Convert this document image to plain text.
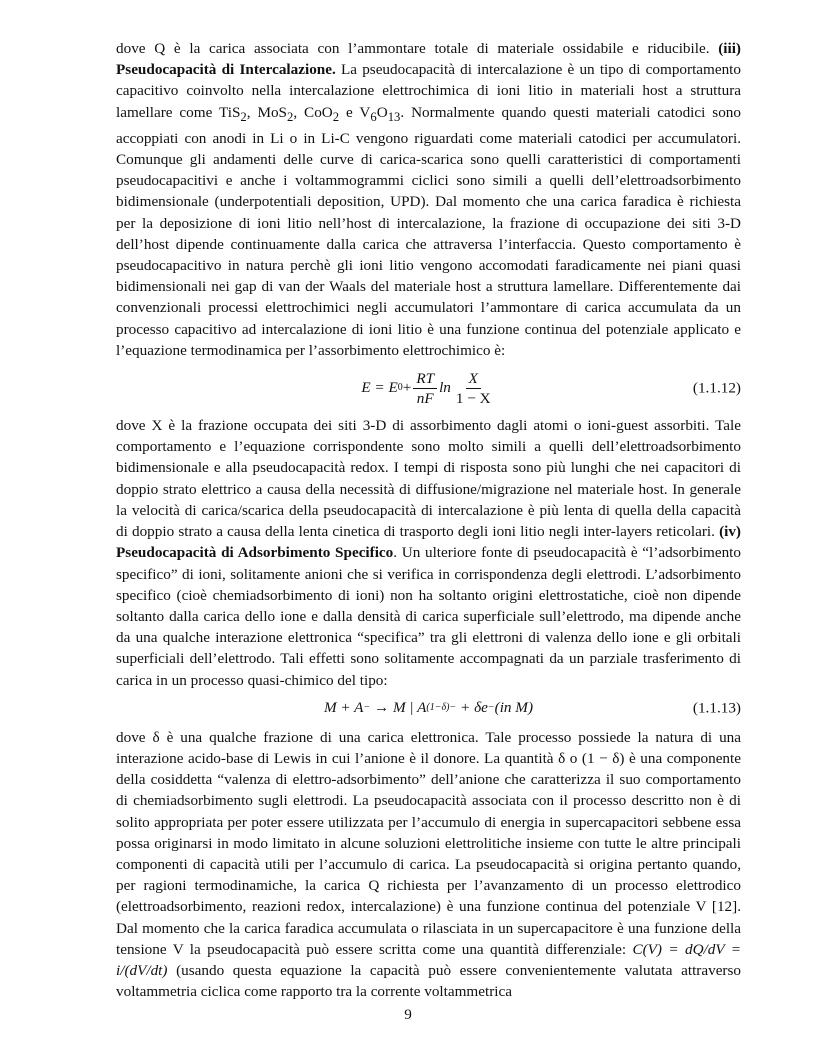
dove Q è la carica associata con l’ammontare totale di materiale ossidabile e riducibile. (iii) Pseudocapacità di Intercalazione. La pseudocapacità di intercalazione è un tipo di comportamento capacitivo coinvolto nella intercalazione elettrochimica di ioni litio in materiali host a struttura lamellare come TiS$_2$, MoS$_2$, CoO$_2$ e $V_6O_{13}$. Normalmente quando questi materiali catodici sono accoppiati con anodi in Li o in Li-C vengono riguardati come materiali catodici per accumulatori. Comunque gli andamenti delle curve di carica-scarica sono quelli caratteristici di comportamenti pseudocapacitivi e anche i voltammogrammi ciclici sono simili a quelli dell’elettroadsorbimento bidimensionale (underpotentiali deposition, UPD). Dal momento che una carica faradica è richiesta per la deposizione di ioni litio nell’host di intercalazione, la frazione di occupazione dei siti 3-D dell’host dipende continuamente dalla carica che attraversa l’interfaccia. Questo comportamento è pseudocapacitivo in natura perchè gli ioni litio vengono accomodati faradicamente nei piani quasi bidimensionali nei gap di van der Waals del materiale host a struttura lamellare. Differentemente dai convenzionali processi elettrochimici negli accumulatori l’ammontare di carica accumulata da un processo capacitivo ad intercalazione di ioni litio è una funzione continua del potenziale applicato e l’equazione termodinamica per l’assorbimento elettrochimico è:

E = E $0 + \frac{RT}{nF}$ $\ln \frac{X}{1 - X}$	(1.1.12)

dove X è la frazione occupata dei siti 3-D di assorbimento dagli atomi o ioni-guest assorbiti. Tale comportamento e l’equazione corrispondente sono molto simili a quelli dell’elettroadsorbimento bidimensionale e alla pseudocapacità redox. I tempi di risposta sono più lunghi che nei capacitori di doppio strato elettrico a causa della necessità di diffusione/migrazione nel materiale host. In generale la velocità di carica/scarica della pseudocapacità di intercalazione è più lenta di quella della capacità di doppio strato a causa della lenta cinetica di trasporto degli ioni litio negli inter-layers reticolari. (iv) Pseudocapacità di Adsorbimento Specifico. Un ulteriore fonte di pseudocapacità è “l’adsorbimento specifico” di ioni, solitamente anioni che si verifica in corrispondenza degli elettrodi. L’adsorbimento specifico (cioè chemiadsorbimento di ioni) non ha soltanto origini elettrostatiche, cioè non dipende soltanto dalla carica dello ione e dalla densità di carica superficiale sull’elettrodo, ma dipende anche da una qualche interazione elettronica “specifica” tra gli elettroni di valenza dello ione e gli orbitali superficiali dell’elettrodo. Tali effetti sono solitamente accompagnati da un parziale trasferimento di carica in un processo quasi-chimico del tipo:

M + A − → M | A (1−δ)− + δe − (in M)	(1.1.13)

dove δ è una qualche frazione di una carica elettronica. Tale processo possiede la natura di una interazione acido-base di Lewis in cui l’anione è il donore. La quantità δ o (1 − δ) è una componente della cosiddetta “valenza di elettro-adsorbimento” dell’anione che caratterizza il suo comportamento di chemiadsorbimento sugli elettrodi. La pseudocapacità associata con il processo descritto non è di solito appropriata per poter essere utilizzata per l’accumulo di energia in supercapacitori sebbene essa possa originarsi in modo limitato in alcune soluzioni elettrolitiche insieme con tutte le altre principali componenti di capacità utili per l’accumulo di carica. La pseudocapacità si origina pertanto quando, per ragioni termodinamiche, la carica Q richiesta per l’avanzamento di un processo elettrodico (elettroadsorbimento, reazioni redox, intercalazione) è una funzione continua del potenziale V [12]. Dal momento che la carica faradica accumulata o rilasciata in un supercapacitore è una funzione della tensione V la pseudocapacità può essere scritta come una quantità differenziale: C(V) = dQ/dV = i/(dV/dt) (usando questa equazione la capacità può essere convenientemente valutata attraverso voltammetria ciclica come rapporto tra la corrente voltammetrica

9
